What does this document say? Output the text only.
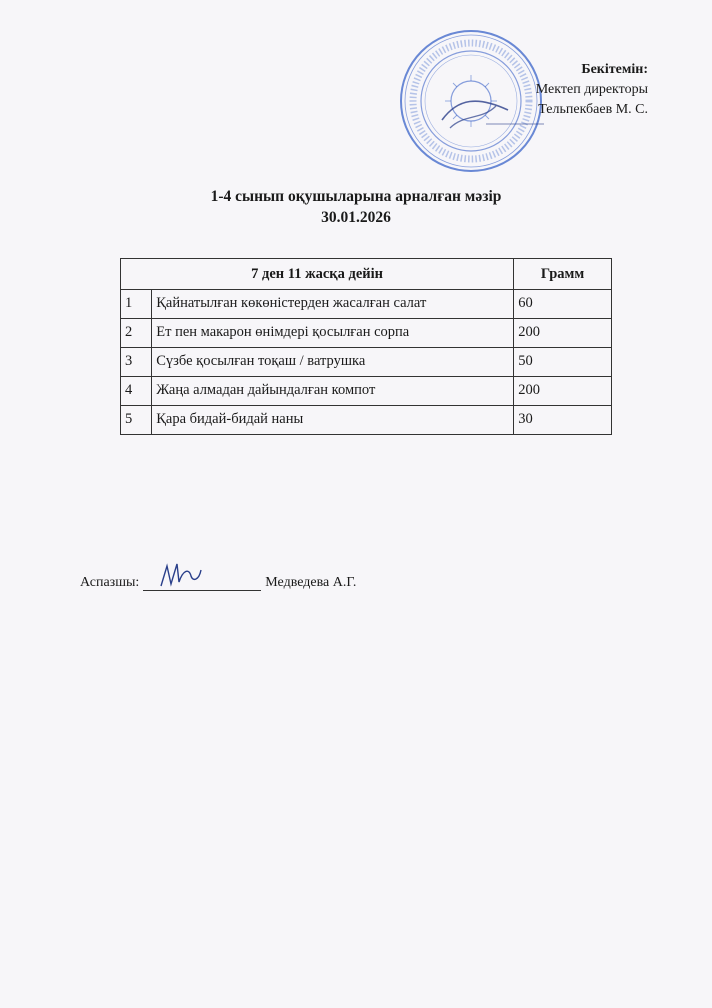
Бекітемін:
Мектеп директоры
Тельпекбаев М. С.
1-4 сынып оқушыларына арналған мәзір
30.01.2026
7 ден 11 жасқа дейін		Грамм
1	Қайнатылған көкөністерден жасалған салат	60
2	Ет пен макарон өнімдері қосылған сорпа	200
3	Сүзбе қосылған тоқаш / ватрушка	50
4	Жаңа алмадан дайындалған компот	200
5	Қара бидай-бидай наны	30
Аспазшы:	Медведева А.Г.
